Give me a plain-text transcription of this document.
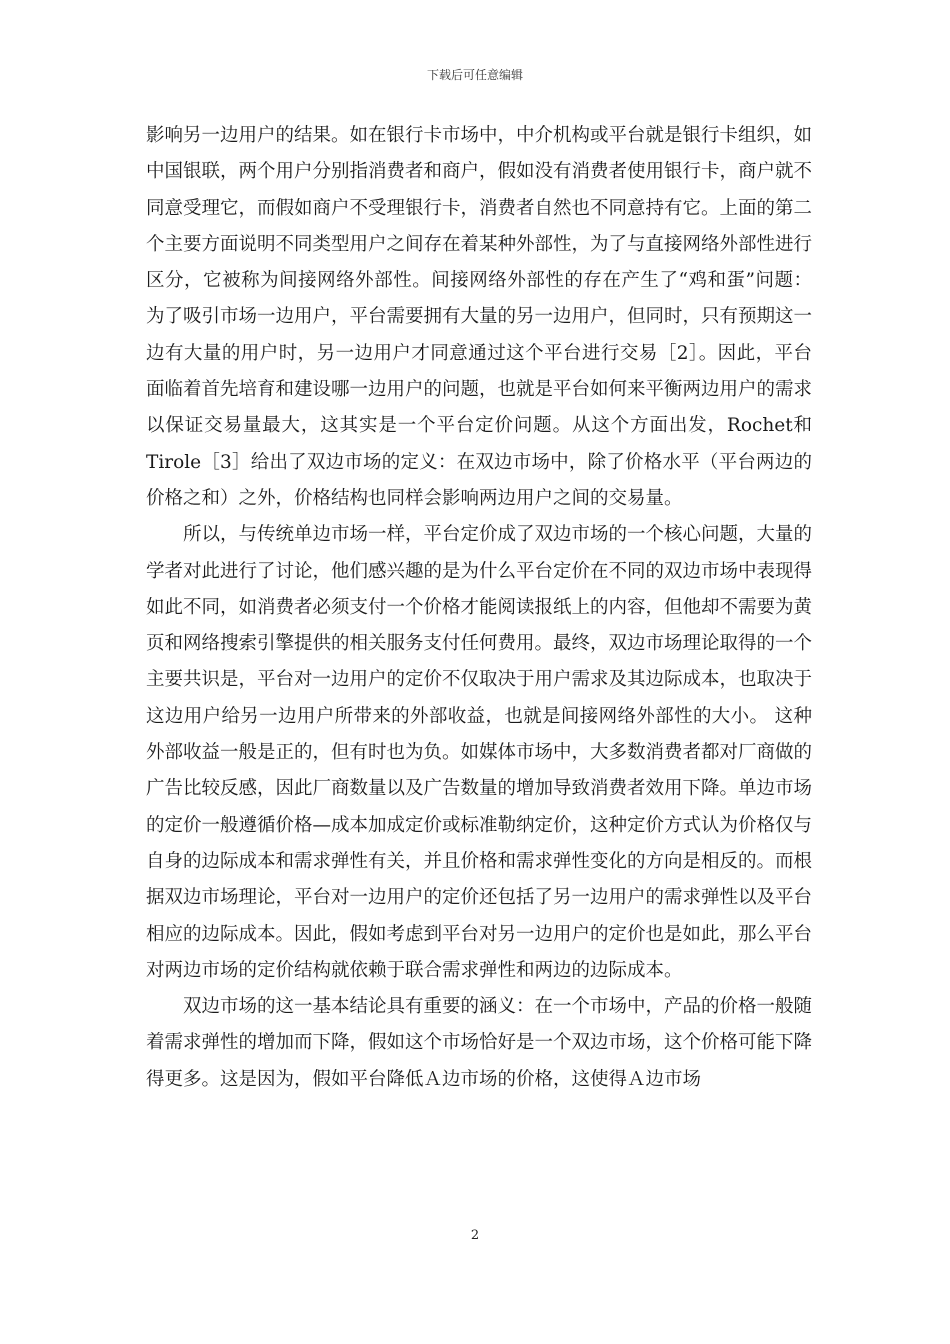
下载后可任意编辑

影响另一边用户的结果。如在银行卡市场中，中介机构或平台就是银行卡组织，如中国银联，两个用户分别指消费者和商户，假如没有消费者使用银行卡，商户就不同意受理它，而假如商户不受理银行卡，消费者自然也不同意持有它。上面的第二个主要方面说明不同类型用户之间存在着某种外部性，为了与直接网络外部性进行区分，它被称为间接网络外部性。间接网络外部性的存在产生了“鸡和蛋”问题：为了吸引市场一边用户，平台需要拥有大量的另一边用户，但同时，只有预期这一边有大量的用户时，另一边用户才同意通过这个平台进行交易［2］。因此，平台面临着首先培育和建设哪一边用户的问题，也就是平台如何来平衡两边用户的需求以保证交易量最大，这其实是一个平台定价问题。从这个方面出发，Rochet和Tirole［3］给出了双边市场的定义：在双边市场中，除了价格水平（平台两边的价格之和）之外，价格结构也同样会影响两边用户之间的交易量。

所以，与传统单边市场一样，平台定价成了双边市场的一个核心问题，大量的学者对此进行了讨论，他们感兴趣的是为什么平台定价在不同的双边市场中表现得如此不同，如消费者必须支付一个价格才能阅读报纸上的内容，但他却不需要为黄页和网络搜索引擎提供的相关服务支付任何费用。最终，双边市场理论取得的一个主要共识是，平台对一边用户的定价不仅取决于用户需求及其边际成本，也取决于这边用户给另一边用户所带来的外部收益，也就是间接网络外部性的大小。 这种外部收益一般是正的，但有时也为负。如媒体市场中，大多数消费者都对厂商做的广告比较反感，因此厂商数量以及广告数量的增加导致消费者效用下降。单边市场的定价一般遵循价格—成本加成定价或标准勒纳定价，这种定价方式认为价格仅与自身的边际成本和需求弹性有关，并且价格和需求弹性变化的方向是相反的。而根据双边市场理论，平台对一边用户的定价还包括了另一边用户的需求弹性以及平台相应的边际成本。因此，假如考虑到平台对另一边用户的定价也是如此，那么平台对两边市场的定价结构就依赖于联合需求弹性和两边的边际成本。

双边市场的这一基本结论具有重要的涵义：在一个市场中，产品的价格一般随着需求弹性的增加而下降，假如这个市场恰好是一个双边市场，这个价格可能下降得更多。这是因为，假如平台降低Ａ边市场的价格，这使得Ａ边市场

2
